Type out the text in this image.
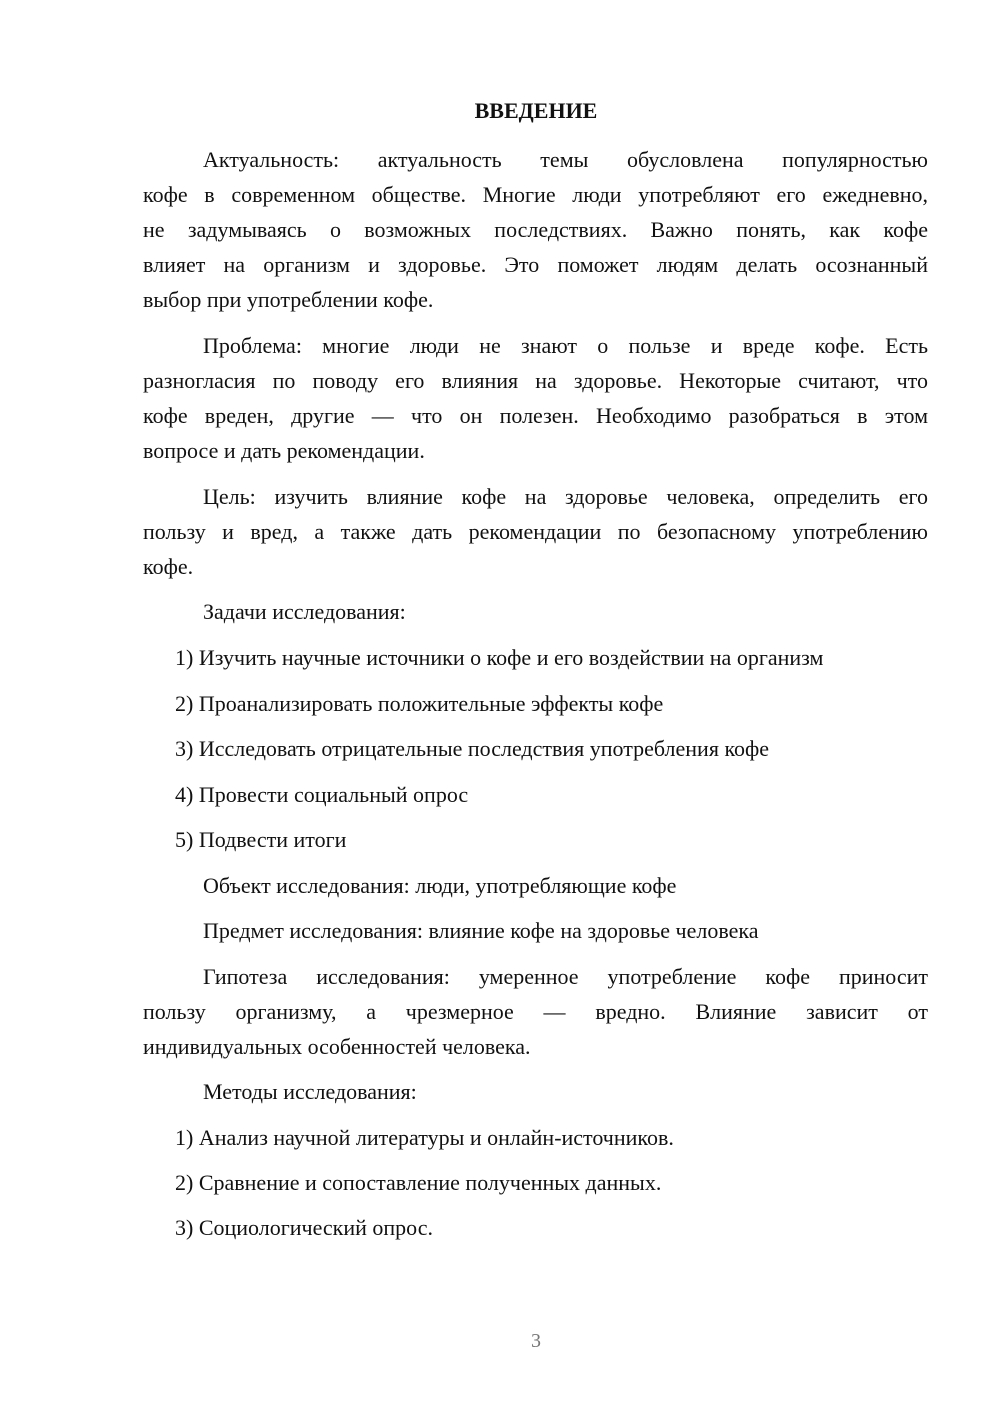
ВВЕДЕНИЕ
Актуальность: актуальность темы обусловлена популярностью
кофе в современном обществе. Многие люди употребляют его ежедневно,
не задумываясь о возможных последствиях. Важно понять, как кофе
влияет на организм и здоровье. Это поможет людям делать осознанный
выбор при употреблении кофе.
Проблема: многие люди не знают о пользе и вреде кофе. Есть
разногласия по поводу его влияния на здоровье. Некоторые считают, что
кофе вреден, другие — что он полезен. Необходимо разобраться в этом
вопросе и дать рекомендации.
Цель: изучить влияние кофе на здоровье человека, определить его
пользу и вред, а также дать рекомендации по безопасному употреблению
кофе.
Задачи исследования:
1) Изучить научные источники о кофе и его воздействии на организм
2) Проанализировать положительные эффекты кофе
3) Исследовать отрицательные последствия употребления кофе
4) Провести социальный опрос
5) Подвести итоги
Объект исследования: люди, употребляющие кофе
Предмет исследования: влияние кофе на здоровье человека
Гипотеза исследования: умеренное употребление кофе приносит
пользу организму, а чрезмерное — вредно. Влияние зависит от
индивидуальных особенностей человека.
Методы исследования:
1) Анализ научной литературы и онлайн-источников.
2) Сравнение и сопоставление полученных данных.
3) Социологический опрос.
3
